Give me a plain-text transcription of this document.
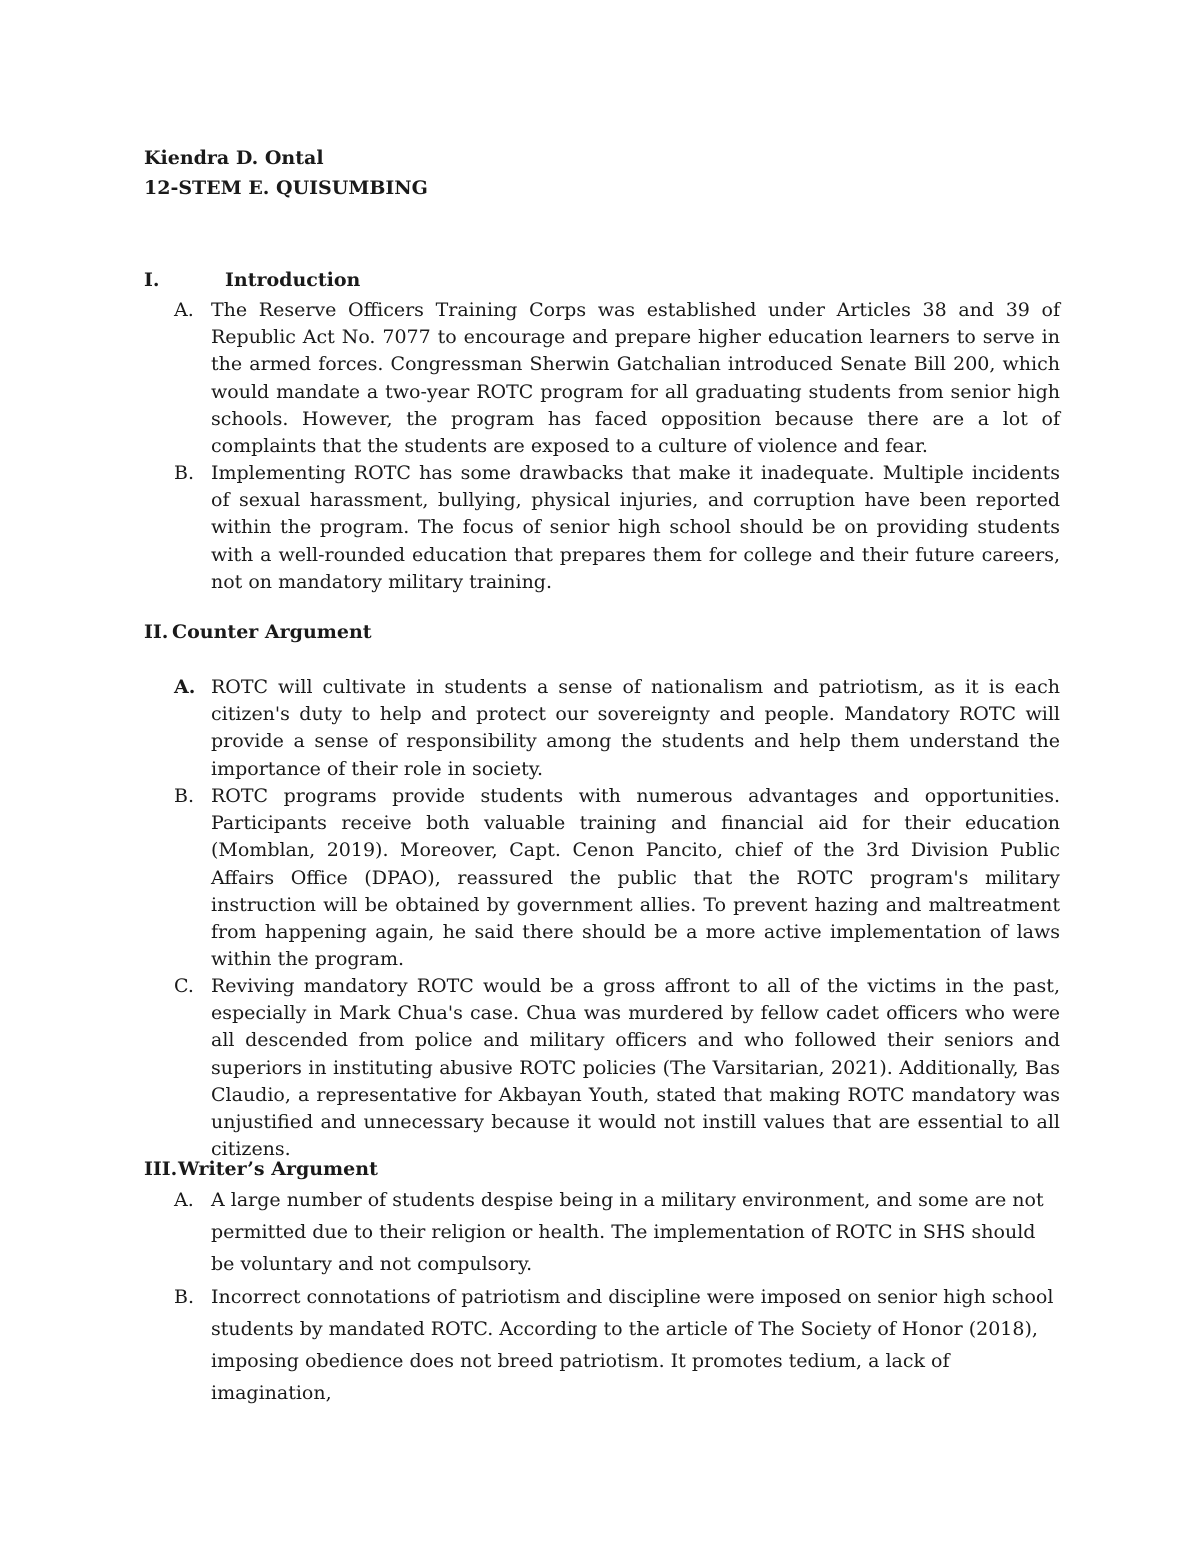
Kiendra D. Ontal
12-STEM E. QUISUMBING
I.	Introduction
A. The Reserve Officers Training Corps was established under Articles 38 and 39 of Republic Act No. 7077 to encourage and prepare higher education learners to serve in the armed forces. Congressman Sherwin Gatchalian introduced Senate Bill 200, which would mandate a two-year ROTC program for all graduating students from senior high schools. However, the program has faced opposition because there are a lot of complaints that the students are exposed to a culture of violence and fear.
B. Implementing ROTC has some drawbacks that make it inadequate. Multiple incidents of sexual harassment, bullying, physical injuries, and corruption have been reported within the program. The focus of senior high school should be on providing students with a well-rounded education that prepares them for college and their future careers, not on mandatory military training.
II. Counter Argument
A. ROTC will cultivate in students a sense of nationalism and patriotism, as it is each citizen's duty to help and protect our sovereignty and people. Mandatory ROTC will provide a sense of responsibility among the students and help them understand the importance of their role in society.
B. ROTC programs provide students with numerous advantages and opportunities. Participants receive both valuable training and financial aid for their education (Momblan, 2019). Moreover, Capt. Cenon Pancito, chief of the 3rd Division Public Affairs Office (DPAO), reassured the public that the ROTC program's military instruction will be obtained by government allies. To prevent hazing and maltreatment from happening again, he said there should be a more active implementation of laws within the program.
C. Reviving mandatory ROTC would be a gross affront to all of the victims in the past, especially in Mark Chua's case. Chua was murdered by fellow cadet officers who were all descended from police and military officers and who followed their seniors and superiors in instituting abusive ROTC policies (The Varsitarian, 2021). Additionally, Bas Claudio, a representative for Akbayan Youth, stated that making ROTC mandatory was unjustified and unnecessary because it would not instill values that are essential to all citizens.
III.Writer’s Argument
A. A large number of students despise being in a military environment, and some are not permitted due to their religion or health. The implementation of ROTC in SHS should be voluntary and not compulsory.
B. Incorrect connotations of patriotism and discipline were imposed on senior high school students by mandated ROTC. According to the article of The Society of Honor (2018), imposing obedience does not breed patriotism. It promotes tedium, a lack of imagination,
